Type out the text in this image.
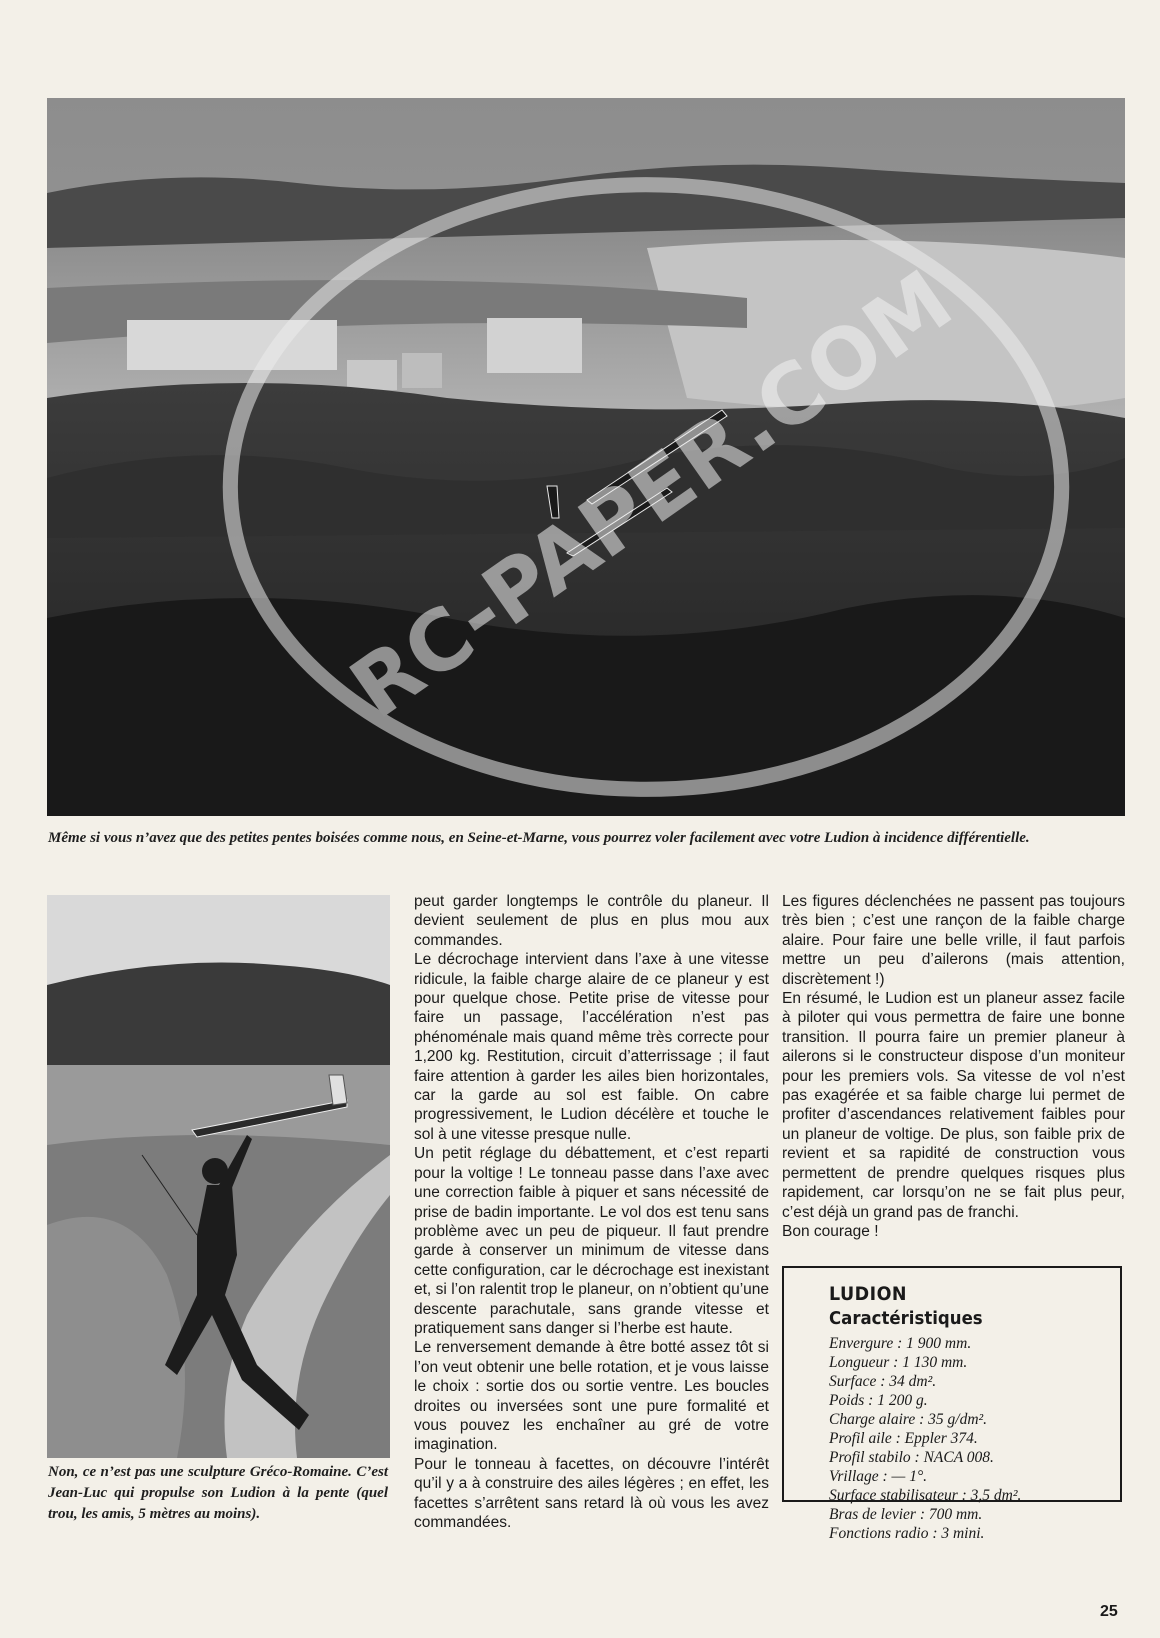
RC-PAPER.COM
Même si vous n’avez que des petites pentes boisées comme nous, en Seine-et-Marne, vous pourrez voler facilement avec votre Ludion à incidence différentielle.
Non, ce n’est pas une sculpture Gréco-Romaine. C’est Jean-Luc qui propulse son Ludion à la pente (quel trou, les amis, 5 mètres au moins).

peut garder longtemps le contrôle du planeur. Il devient seulement de plus en plus mou aux commandes.

Le décrochage intervient dans l’axe à une vitesse ridicule, la faible charge alaire de ce planeur y est pour quelque chose. Petite prise de vitesse pour faire un passage, l’accélération n’est pas phénoménale mais quand même très correcte pour 1,200 kg. Restitution, circuit d’atterrissage ; il faut faire attention à garder les ailes bien horizontales, car la garde au sol est faible. On cabre progressivement, le Ludion décélère et touche le sol à une vitesse presque nulle.

Un petit réglage du débattement, et c’est reparti pour la voltige ! Le tonneau passe dans l’axe avec une correction faible à piquer et sans nécessité de prise de badin importante. Le vol dos est tenu sans problème avec un peu de piqueur. Il faut prendre garde à conserver un minimum de vitesse dans cette configuration, car le décrochage est inexistant et, si l’on ralentit trop le planeur, on n’obtient qu’une descente parachutale, sans grande vitesse et pratiquement sans danger si l’herbe est haute.

Le renversement demande à être botté assez tôt si l’on veut obtenir une belle rotation, et je vous laisse le choix : sortie dos ou sortie ventre. Les boucles droites ou inversées sont une pure formalité et vous pouvez les enchaîner au gré de votre imagination.

Pour le tonneau à facettes, on découvre l’intérêt qu’il y a à construire des ailes légères ; en effet, les facettes s’arrêtent sans retard là où vous les avez commandées.

Les figures déclenchées ne passent pas toujours très bien ; c’est une rançon de la faible charge alaire. Pour faire une belle vrille, il faut parfois mettre un peu d’ailerons (mais attention, discrètement !)

En résumé, le Ludion est un planeur assez facile à piloter qui vous permettra de faire une bonne transition. Il pourra faire un premier planeur à ailerons si le constructeur dispose d’un moniteur pour les premiers vols. Sa vitesse de vol n’est pas exagérée et sa faible charge lui permet de profiter d’ascendances relativement faibles pour un planeur de voltige. De plus, son faible prix de revient et sa rapidité de construction vous permettent de prendre quelques risques plus rapidement, car lorsqu’on ne se fait plus peur, c’est déjà un grand pas de franchi.

Bon courage !

LUDION
Caractéristiques
Envergure : 1 900 mm.
Longueur : 1 130 mm.
Surface : 34 dm².
Poids : 1 200 g.
Charge alaire : 35 g/dm².
Profil aile : Eppler 374.
Profil stabilo : NACA 008.
Vrillage : — 1°.
Surface stabilisateur : 3,5 dm².
Bras de levier : 700 mm.
Fonctions radio : 3 mini.
25
